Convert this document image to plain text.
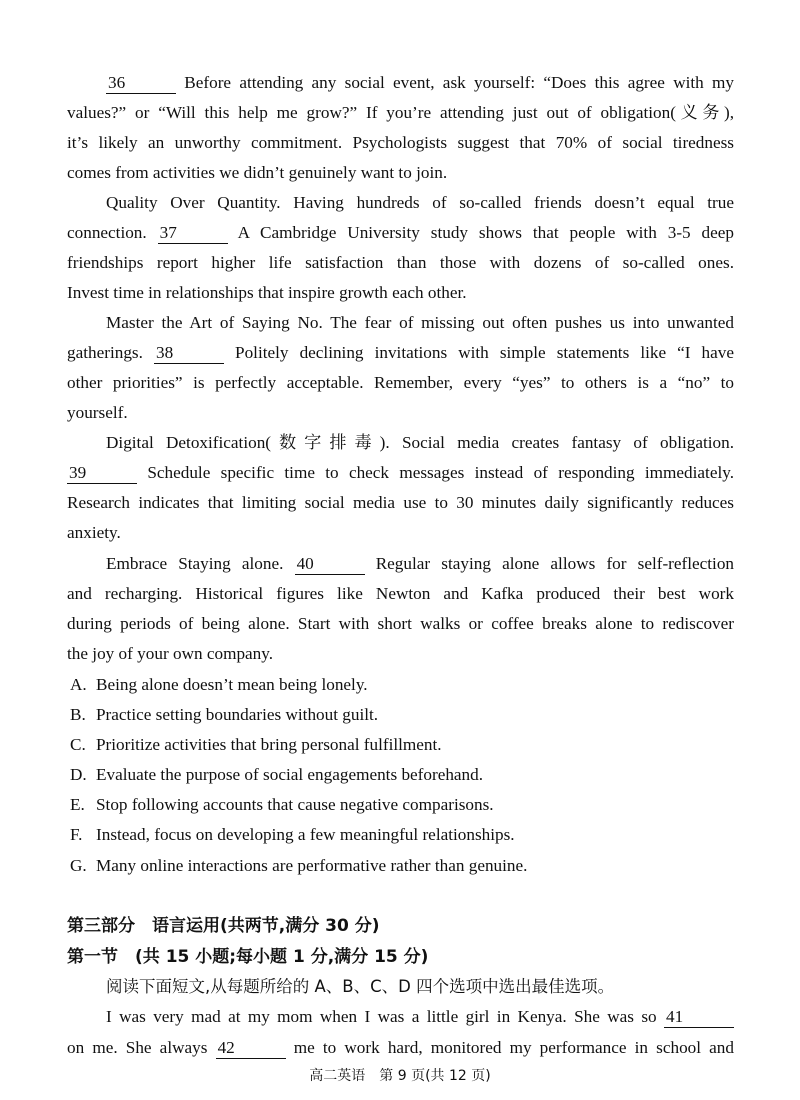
36	Before attending any social event, ask yourself: “Does this agree with my
values?” or “Will this help me grow?” If you’re attending just out of obligation(义务),
it’s likely an unworthy commitment. Psychologists suggest that 70% of social tiredness
comes from activities we didn’t genuinely want to join.
Quality Over Quantity. Having hundreds of so-called friends doesn’t equal true
connection. 37	A Cambridge University study shows that people with 3-5 deep
friendships report higher life satisfaction than those with dozens of so-called ones.
Invest time in relationships that inspire growth each other.
Master the Art of Saying No. The fear of missing out often pushes us into unwanted
gatherings. 38	Politely declining invitations with simple statements like “I have
other priorities” is perfectly acceptable. Remember, every “yes” to others is a “no” to
yourself.
Digital Detoxification(数字排毒). Social media creates fantasy of obligation.
39	Schedule specific time to check messages instead of responding immediately.
Research indicates that limiting social media use to 30 minutes daily significantly reduces
anxiety.
Embrace Staying alone. 40	Regular staying alone allows for self-reflection
and recharging. Historical figures like Newton and Kafka produced their best work
during periods of being alone. Start with short walks or coffee breaks alone to rediscover
the joy of your own company.
A. Being alone doesn’t mean being lonely.
B. Practice setting boundaries without guilt.
C. Prioritize activities that bring personal fulfillment.
D. Evaluate the purpose of social engagements beforehand.
E. Stop following accounts that cause negative comparisons.
F. Instead, focus on developing a few meaningful relationships.
G. Many online interactions are performative rather than genuine.
第三部分　语言运用(共两节,满分 30 分)
第一节　(共 15 小题;每小题 1 分,满分 15 分)
阅读下面短文,从每题所给的 A、B、C、D 四个选项中选出最佳选项。
I was very mad at my mom when I was a little girl in Kenya. She was so 41
on me. She always 42	me to work hard, monitored my performance in school and
高二英语　第 9 页(共 12 页)
